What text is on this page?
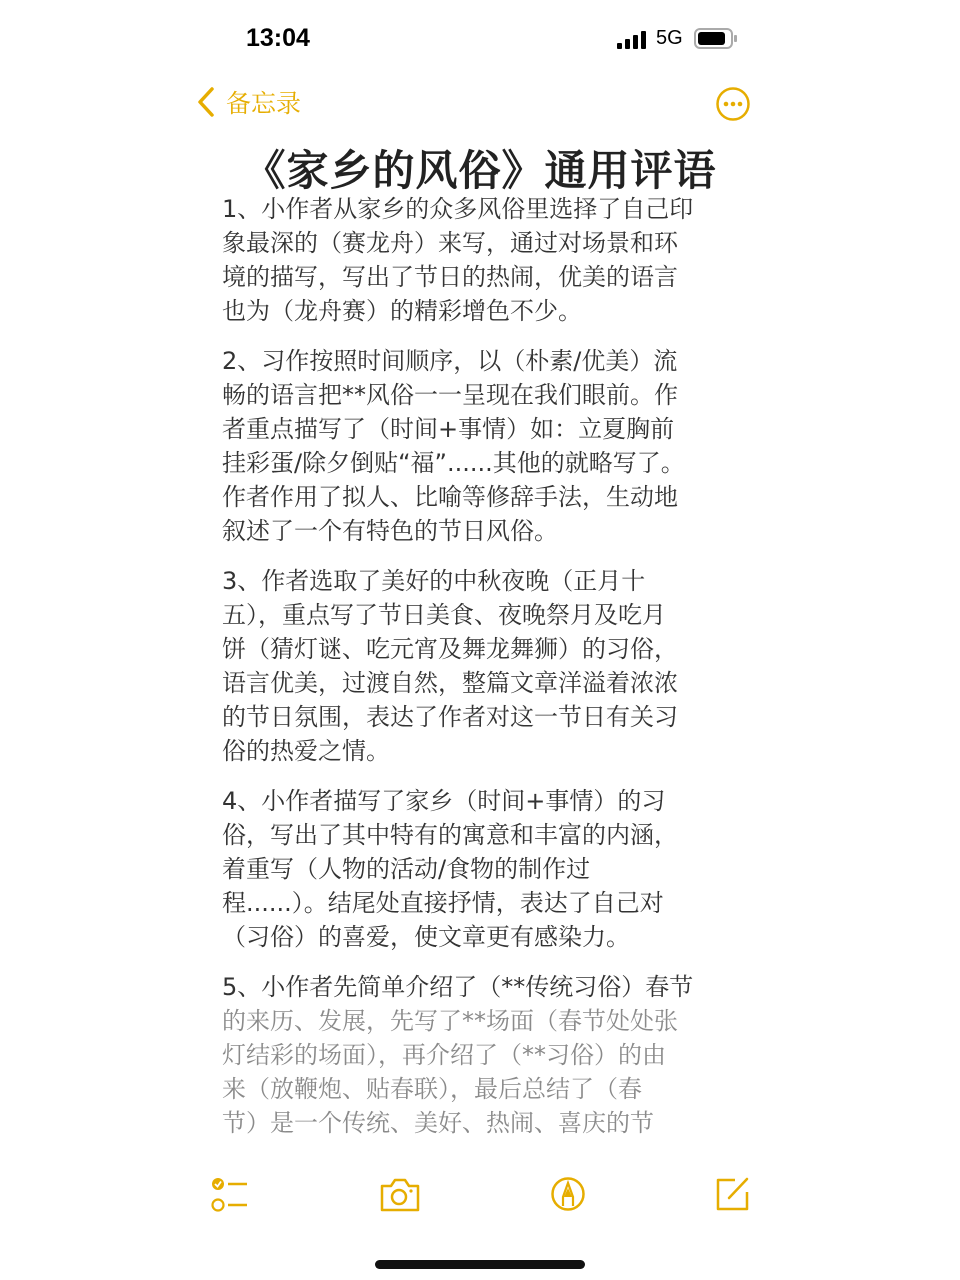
13:04	5G
备忘录
《家乡的风俗》通用评语
1、小作者从家乡的众多风俗里选择了自己印
象最深的（赛龙舟）来写，通过对场景和环
境的描写，写出了节日的热闹，优美的语言
也为（龙舟赛）的精彩增色不少。
2、习作按照时间顺序，以（朴素/优美）流
畅的语言把**风俗一一呈现在我们眼前。作
者重点描写了（时间+事情）如：立夏胸前
挂彩蛋/除夕倒贴“福”......其他的就略写了。
作者作用了拟人、比喻等修辞手法，生动地
叙述了一个有特色的节日风俗。
3、作者选取了美好的中秋夜晚（正月十
五），重点写了节日美食、夜晚祭月及吃月
饼（猜灯谜、吃元宵及舞龙舞狮）的习俗，
语言优美，过渡自然，整篇文章洋溢着浓浓
的节日氛围，表达了作者对这一节日有关习
俗的热爱之情。
4、小作者描写了家乡（时间+事情）的习
俗，写出了其中特有的寓意和丰富的内涵，
着重写（人物的活动/食物的制作过
程......）。结尾处直接抒情，表达了自己对
（习俗）的喜爱，使文章更有感染力。
5、小作者先简单介绍了（**传统习俗）春节
的来历、发展，先写了**场面（春节处处张
灯结彩的场面），再介绍了（**习俗）的由
来（放鞭炮、贴春联），最后总结了（春
节）是一个传统、美好、热闹、喜庆的节
